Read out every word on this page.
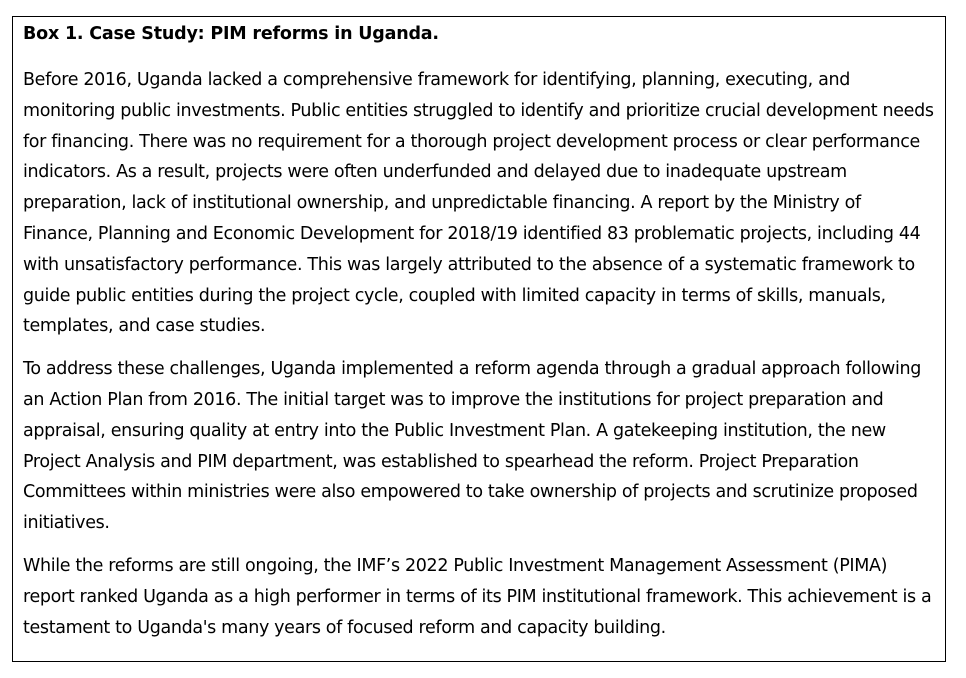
Box 1. Case Study: PIM reforms in Uganda.

Before 2016, Uganda lacked a comprehensive framework for identifying, planning, executing, and monitoring public investments. Public entities struggled to identify and prioritize crucial development needs for financing. There was no requirement for a thorough project development process or clear performance indicators. As a result, projects were often underfunded and delayed due to inadequate upstream preparation, lack of institutional ownership, and unpredictable financing. A report by the Ministry of Finance, Planning and Economic Development for 2018/19 identified 83 problematic projects, including 44 with unsatisfactory performance. This was largely attributed to the absence of a systematic framework to guide public entities during the project cycle, coupled with limited capacity in terms of skills, manuals, templates, and case studies.

To address these challenges, Uganda implemented a reform agenda through a gradual approach following an Action Plan from 2016. The initial target was to improve the institutions for project preparation and appraisal, ensuring quality at entry into the Public Investment Plan. A gatekeeping institution, the new Project Analysis and PIM department, was established to spearhead the reform. Project Preparation Committees within ministries were also empowered to take ownership of projects and scrutinize proposed initiatives.

While the reforms are still ongoing, the IMF’s 2022 Public Investment Management Assessment (PIMA) report ranked Uganda as a high performer in terms of its PIM institutional framework. This achievement is a testament to Uganda's many years of focused reform and capacity building.
